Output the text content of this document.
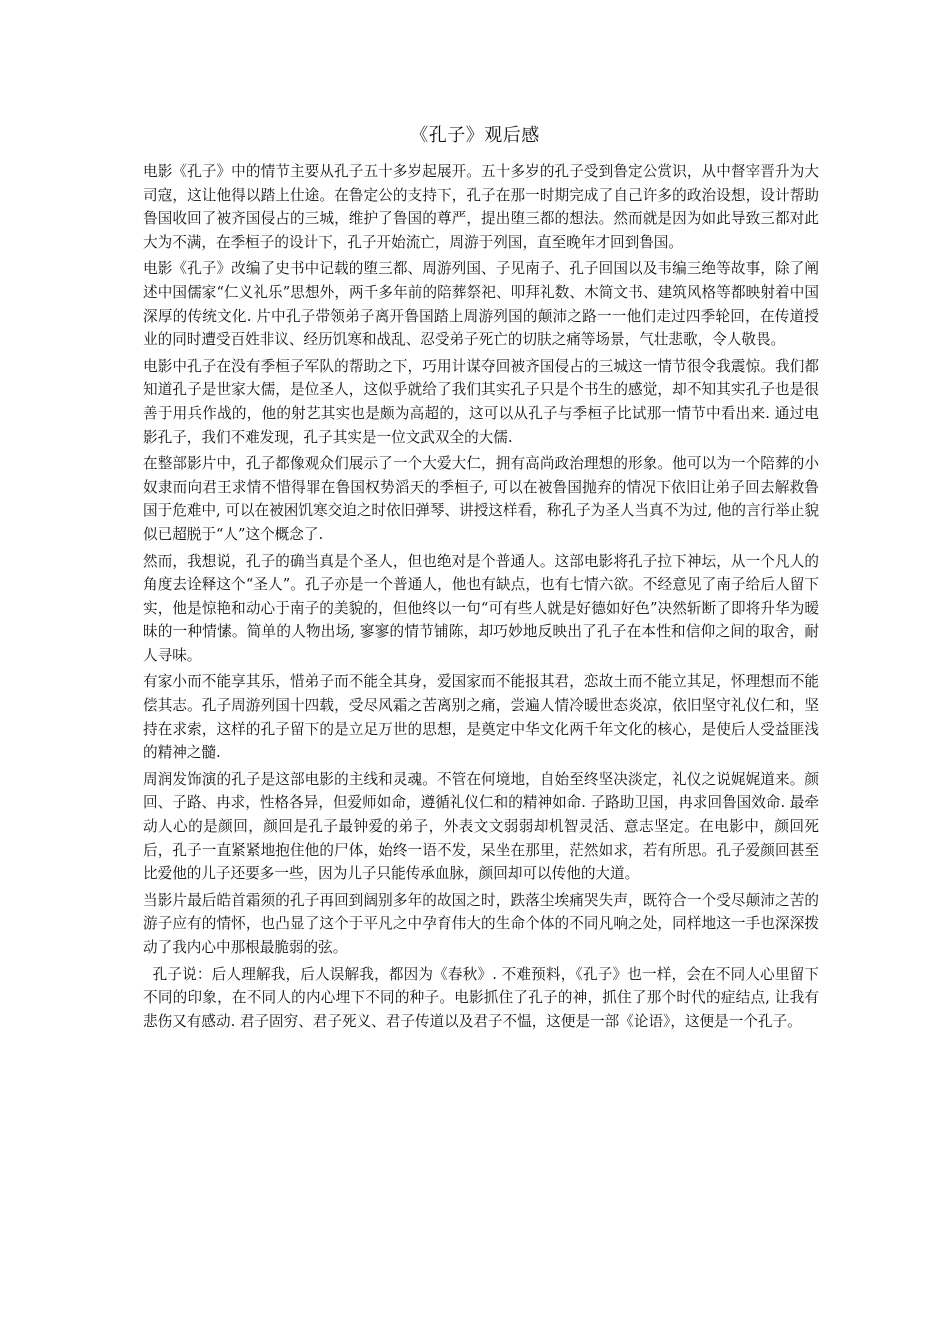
《孔子》观后感

电影《孔子》中的情节主要从孔子五十多岁起展开。五十多岁的孔子受到鲁定公赏识，从中督宰晋升为大司寇，这让他得以踏上仕途。在鲁定公的支持下，孔子在那一时期完成了自己许多的政治设想，设计帮助鲁国收回了被齐国侵占的三城，维护了鲁国的尊严，提出堕三都的想法。然而就是因为如此导致三都对此大为不满，在季桓子的设计下，孔子开始流亡，周游于列国，直至晚年才回到鲁国。

电影《孔子》改编了史书中记载的堕三都、周游列国、子见南子、孔子回国以及韦编三绝等故事，除了阐述中国儒家“仁义礼乐”思想外，两千多年前的陪葬祭祀、叩拜礼数、木简文书、建筑风格等都映射着中国深厚的传统文化. 片中孔子带领弟子离开鲁国踏上周游列国的颠沛之路一一他们走过四季轮回，在传道授业的同时遭受百姓非议、经历饥寒和战乱、忍受弟子死亡的切肤之痛等场景，气壮悲歌，令人敬畏。

电影中孔子在没有季桓子军队的帮助之下，巧用计谋夺回被齐国侵占的三城这一情节很令我震惊。我们都知道孔子是世家大儒，是位圣人，这似乎就给了我们其实孔子只是个书生的感觉，却不知其实孔子也是很善于用兵作战的，他的射艺其实也是颇为高超的，这可以从孔子与季桓子比试那一情节中看出来. 通过电影孔子，我们不难发现，孔子其实是一位文武双全的大儒.

在整部影片中，孔子都像观众们展示了一个大爱大仁，拥有高尚政治理想的形象。他可以为一个陪葬的小奴隶而向君王求情不惜得罪在鲁国权势滔天的季桓子, 可以在被鲁国抛弃的情况下依旧让弟子回去解救鲁国于危难中, 可以在被困饥寒交迫之时依旧弹琴、讲授这样看，称孔子为圣人当真不为过, 他的言行举止貌似已超脱于“人”这个概念了.

然而，我想说，孔子的确当真是个圣人，但也绝对是个普通人。这部电影将孔子拉下神坛，从一个凡人的角度去诠释这个“圣人”。孔子亦是一个普通人，他也有缺点，也有七情六欲。不经意见了南子给后人留下实，他是惊艳和动心于南子的美貌的，但他终以一句“可有些人就是好德如好色”决然斩断了即将升华为暧昧的一种情愫。简单的人物出场, 寥寥的情节铺陈，却巧妙地反映出了孔子在本性和信仰之间的取舍，耐人寻味。

有家小而不能享其乐，惜弟子而不能全其身，爱国家而不能报其君，恋故土而不能立其足，怀理想而不能偿其志。孔子周游列国十四载，受尽风霜之苦离别之痛，尝遍人情冷暖世态炎凉，依旧坚守礼仪仁和，坚持在求索，这样的孔子留下的是立足万世的思想，是奠定中华文化两千年文化的核心，是使后人受益匪浅的精神之髓.

周润发饰演的孔子是这部电影的主线和灵魂。不管在何境地，自始至终坚决淡定，礼仪之说娓娓道来。颜回、子路、冉求，性格各异，但爱师如命，遵循礼仪仁和的精神如命. 子路助卫国，冉求回鲁国效命. 最牵动人心的是颜回，颜回是孔子最钟爱的弟子，外表文文弱弱却机智灵活、意志坚定。在电影中，颜回死后，孔子一直紧紧地抱住他的尸体，始终一语不发，呆坐在那里，茫然如求，若有所思。孔子爱颜回甚至比爱他的儿子还要多一些，因为儿子只能传承血脉，颜回却可以传他的大道。

当影片最后皓首霜须的孔子再回到阔别多年的故国之时，跌落尘埃痛哭失声，既符合一个受尽颠沛之苦的游子应有的情怀，也凸显了这个于平凡之中孕育伟大的生命个体的不同凡响之处，同样地这一手也深深拨动了我内心中那根最脆弱的弦。

孔子说：后人理解我，后人误解我，都因为《春秋》. 不难预料，《孔子》也一样，会在不同人心里留下不同的印象，在不同人的内心埋下不同的种子。电影抓住了孔子的神，抓住了那个时代的症结点, 让我有悲伤又有感动. 君子固穷、君子死义、君子传道以及君子不愠，这便是一部《论语》，这便是一个孔子。
